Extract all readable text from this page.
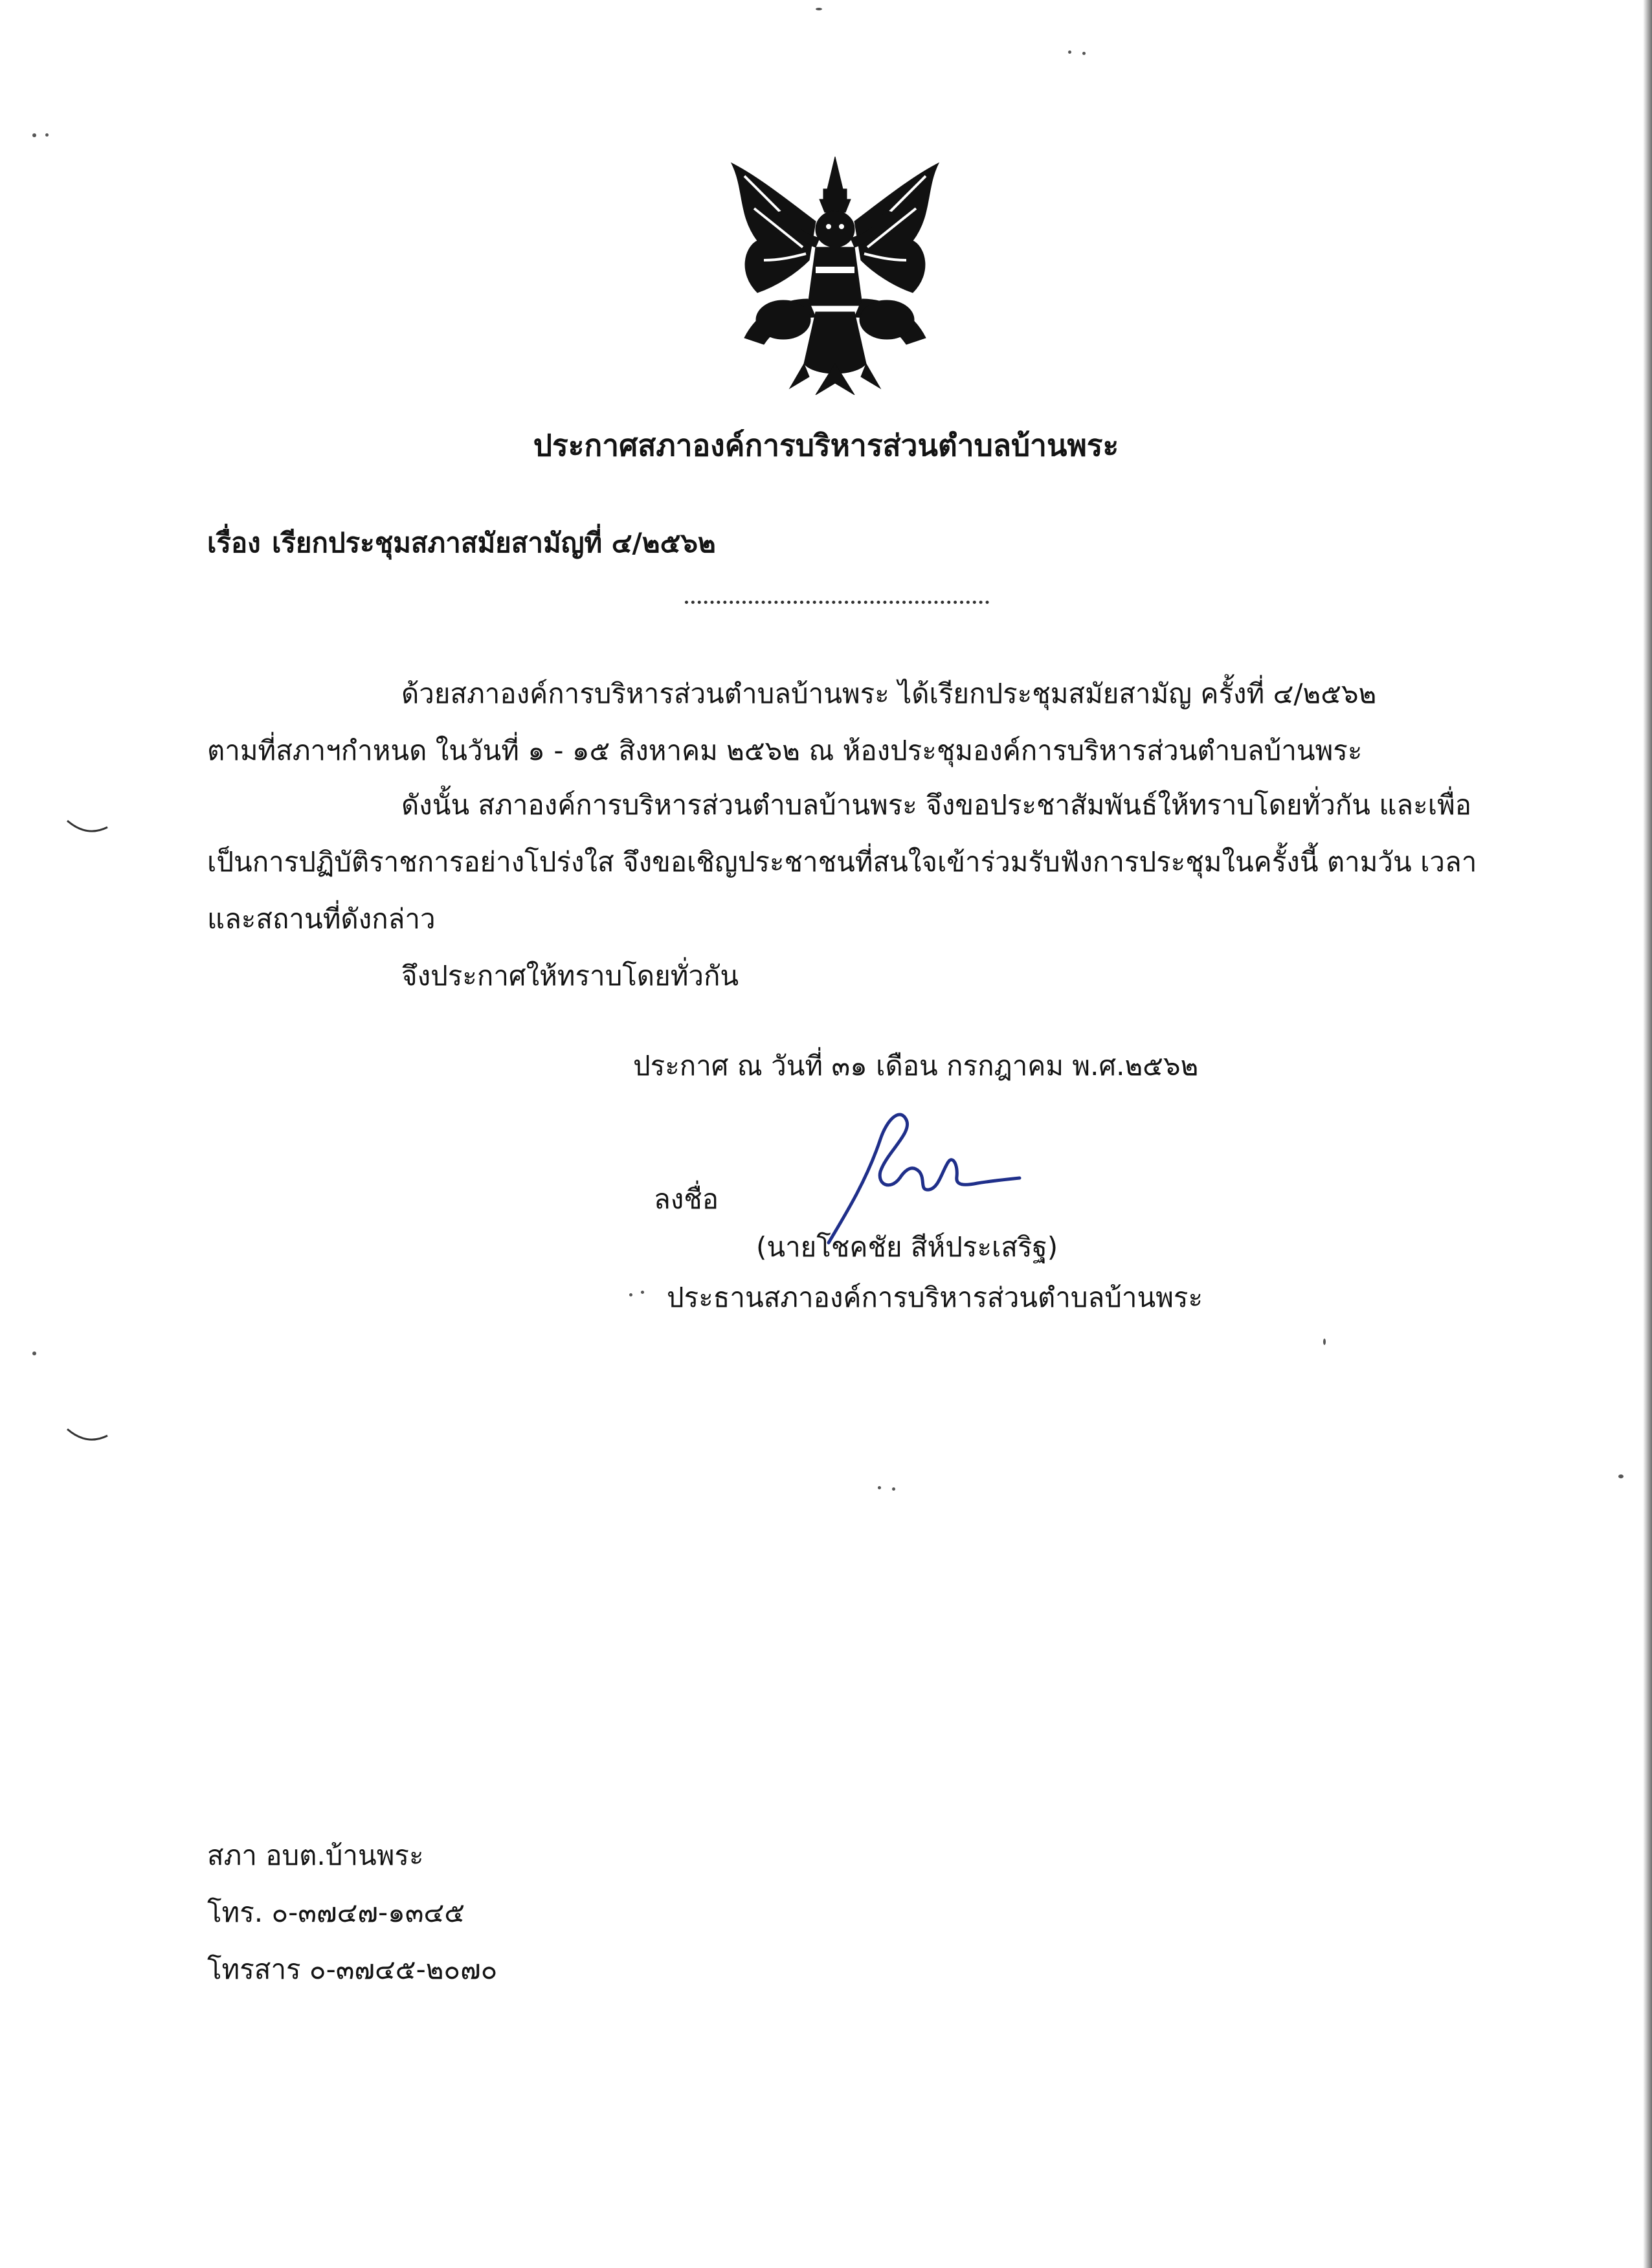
ประกาศสภาองค์การบริหารส่วนตำบลบ้านพระ
เรื่อง เรียกประชุมสภาสมัยสามัญที่ ๔/๒๕๖๒
ด้วยสภาองค์การบริหารส่วนตำบลบ้านพระ ได้เรียกประชุมสมัยสามัญ ครั้งที่ ๔/๒๕๖๒
ตามที่สภาฯกำหนด ในวันที่ ๑ - ๑๕ สิงหาคม ๒๕๖๒ ณ ห้องประชุมองค์การบริหารส่วนตำบลบ้านพระ
ดังนั้น สภาองค์การบริหารส่วนตำบลบ้านพระ จึงขอประชาสัมพันธ์ให้ทราบโดยทั่วกัน และเพื่อ
เป็นการปฏิบัติราชการอย่างโปร่งใส จึงขอเชิญประชาชนที่สนใจเข้าร่วมรับฟังการประชุมในครั้งนี้ ตามวัน เวลา
และสถานที่ดังกล่าว
จึงประกาศให้ทราบโดยทั่วกัน
ประกาศ ณ วันที่ ๓๑ เดือน กรกฎาคม พ.ศ.๒๕๖๒
ลงชื่อ
(นายโชคชัย สีห์ประเสริฐ)
ประธานสภาองค์การบริหารส่วนตำบลบ้านพระ
สภา อบต.บ้านพระ
โทร. ๐-๓๗๔๗-๑๓๔๕
โทรสาร ๐-๓๗๔๕-๒๐๗๐
